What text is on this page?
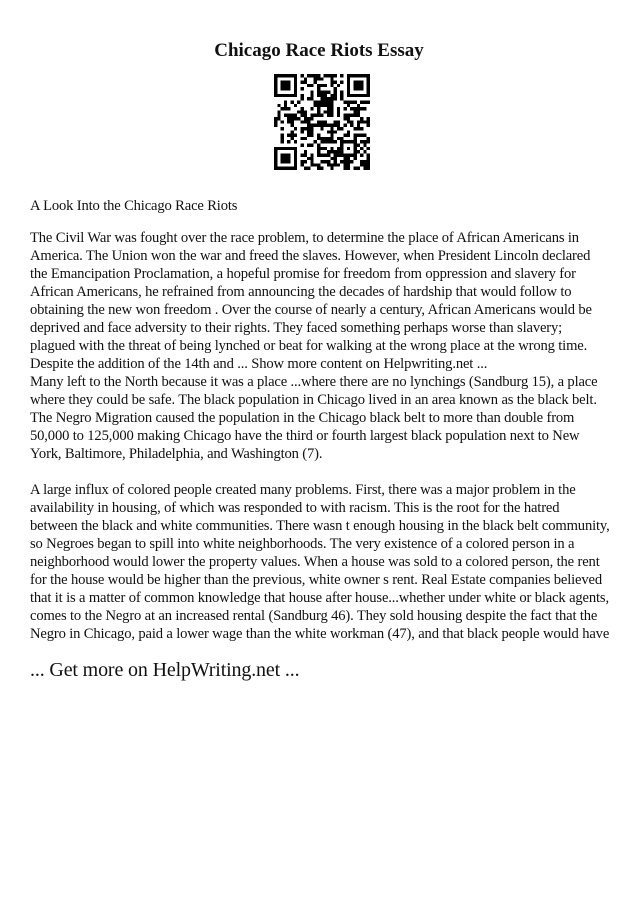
Chicago Race Riots Essay

A Look Into the Chicago Race Riots

The Civil War was fought over the race problem, to determine the place of African Americans in America. The Union won the war and freed the slaves. However, when President Lincoln declared the Emancipation Proclamation, a hopeful promise for freedom from oppression and slavery for African Americans, he refrained from announcing the decades of hardship that would follow to obtaining the new won freedom . Over the course of nearly a century, African Americans would be deprived and face adversity to their rights. They faced something perhaps worse than slavery; plagued with the threat of being lynched or beat for walking at the wrong place at the wrong time. Despite the addition of the 14th and ... Show more content on Helpwriting.net ...

Many left to the North because it was a place ...where there are no lynchings (Sandburg 15), a place where they could be safe. The black population in Chicago lived in an area known as the black belt. The Negro Migration caused the population in the Chicago black belt to more than double from 50,000 to 125,000 making Chicago have the third or fourth largest black population next to New York, Baltimore, Philadelphia, and Washington (7).

A large influx of colored people created many problems. First, there was a major problem in the availability in housing, of which was responded to with racism. This is the root for the hatred between the black and white communities. There wasn t enough housing in the black belt community, so Negroes began to spill into white neighborhoods. The very existence of a colored person in a neighborhood would lower the property values. When a house was sold to a colored person, the rent for the house would be higher than the previous, white owner s rent. Real Estate companies believed that it is a matter of common knowledge that house after house...whether under white or black agents, comes to the Negro at an increased rental (Sandburg 46). They sold housing despite the fact that the Negro in Chicago, paid a lower wage than the white workman (47), and that black people would have

... Get more on HelpWriting.net ...
